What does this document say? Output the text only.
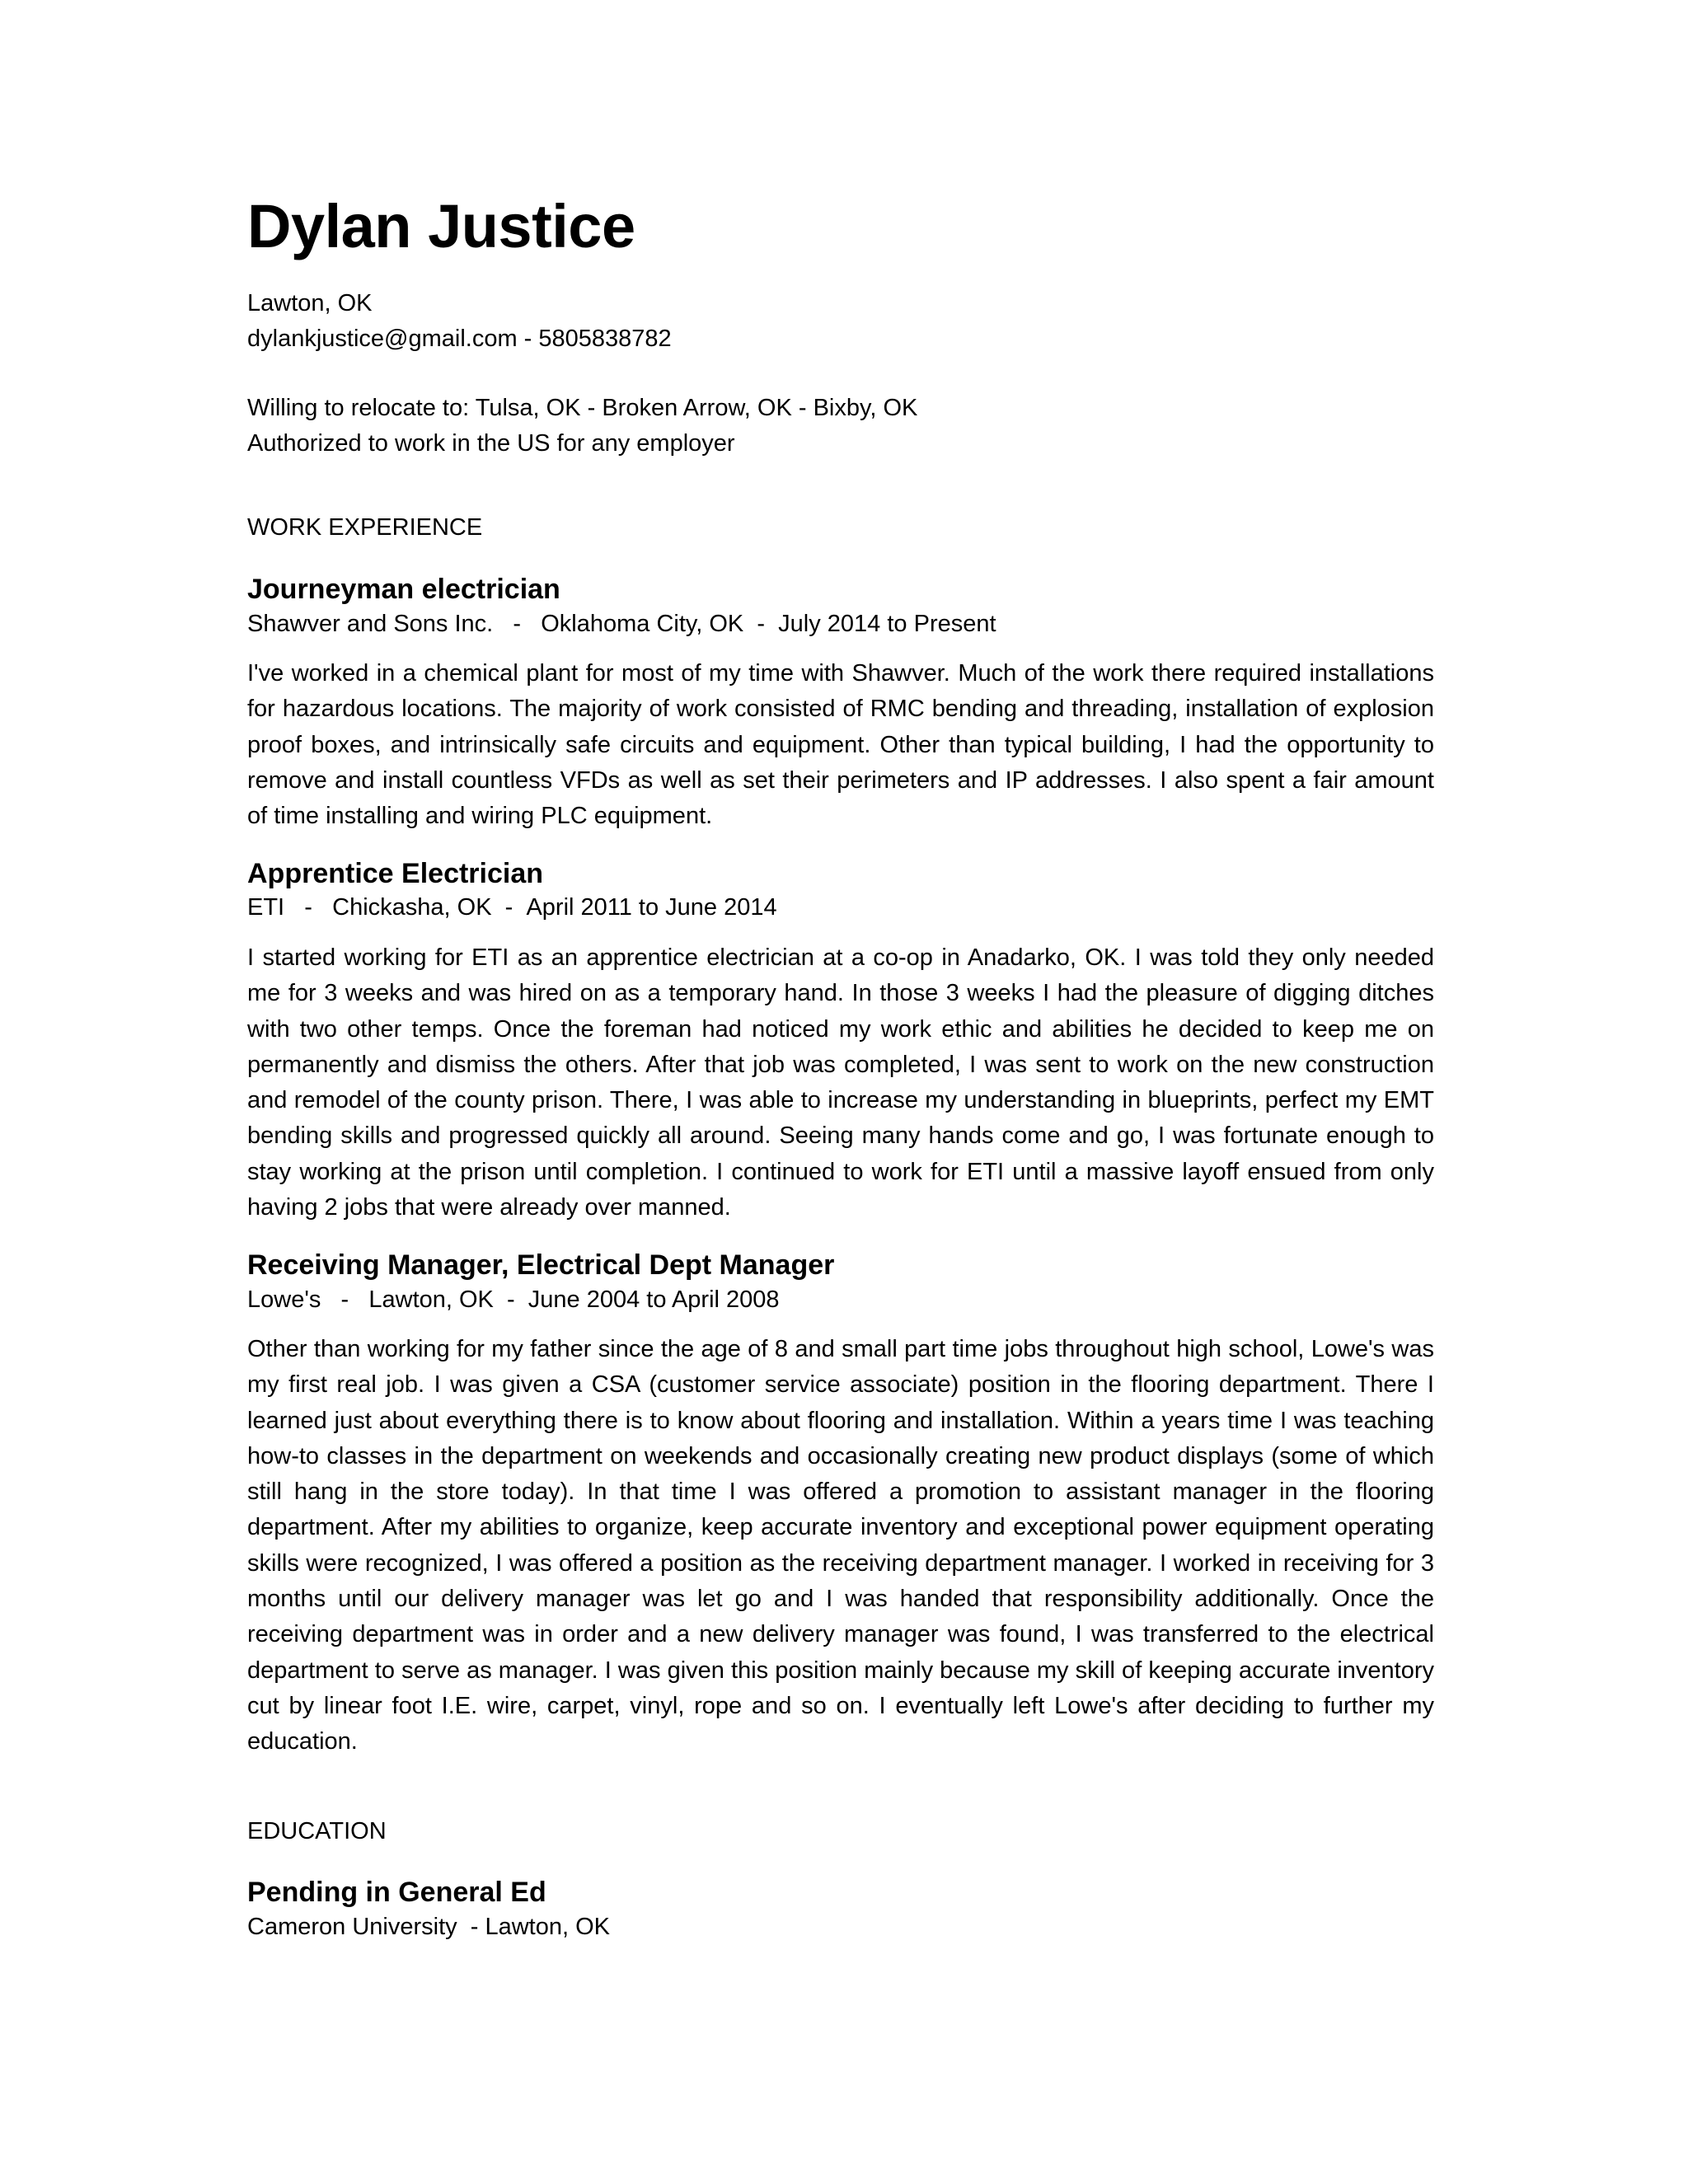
Dylan Justice
Lawton, OK
dylankjustice@gmail.com - 5805838782
Willing to relocate to: Tulsa, OK - Broken Arrow, OK - Bixby, OK
Authorized to work in the US for any employer
WORK EXPERIENCE
Journeyman electrician
Shawver and Sons Inc.   -   Oklahoma City, OK  -  July 2014 to Present

I've worked in a chemical plant for most of my time with Shawver. Much of the work there required installations for hazardous locations. The majority of work consisted of RMC bending and threading, installation of explosion proof boxes, and intrinsically safe circuits and equipment. Other than typical building, I had the opportunity to remove and install countless VFDs as well as set their perimeters and IP addresses. I also spent a fair amount of time installing and wiring PLC equipment.

Apprentice Electrician
ETI   -   Chickasha, OK  -  April 2011 to June 2014

I started working for ETI as an apprentice electrician at a co-op in Anadarko, OK. I was told they only needed me for 3 weeks and was hired on as a temporary hand. In those 3 weeks I had the pleasure of digging ditches with two other temps. Once the foreman had noticed my work ethic and abilities he decided to keep me on permanently and dismiss the others. After that job was completed, I was sent to work on the new construction and remodel of the county prison. There, I was able to increase my understanding in blueprints, perfect my EMT bending skills and progressed quickly all around. Seeing many hands come and go, I was fortunate enough to stay working at the prison until completion. I continued to work for ETI until a massive layoff ensued from only having 2 jobs that were already over manned.

Receiving Manager, Electrical Dept Manager
Lowe's   -   Lawton, OK  -  June 2004 to April 2008

Other than working for my father since the age of 8 and small part time jobs throughout high school, Lowe's was my first real job. I was given a CSA (customer service associate) position in the flooring department. There I learned just about everything there is to know about flooring and installation. Within a years time I was teaching how-to classes in the department on weekends and occasionally creating new product displays (some of which still hang in the store today). In that time I was offered a promotion to assistant manager in the flooring department. After my abilities to organize, keep accurate inventory and exceptional power equipment operating skills were recognized, I was offered a position as the receiving department manager. I worked in receiving for 3 months until our delivery manager was let go and I was handed that responsibility additionally. Once the receiving department was in order and a new delivery manager was found, I was transferred to the electrical department to serve as manager. I was given this position mainly because my skill of keeping accurate inventory cut by linear foot I.E. wire, carpet, vinyl, rope and so on. I eventually left Lowe's after deciding to further my education.

EDUCATION
Pending in General Ed
Cameron University  - Lawton, OK
